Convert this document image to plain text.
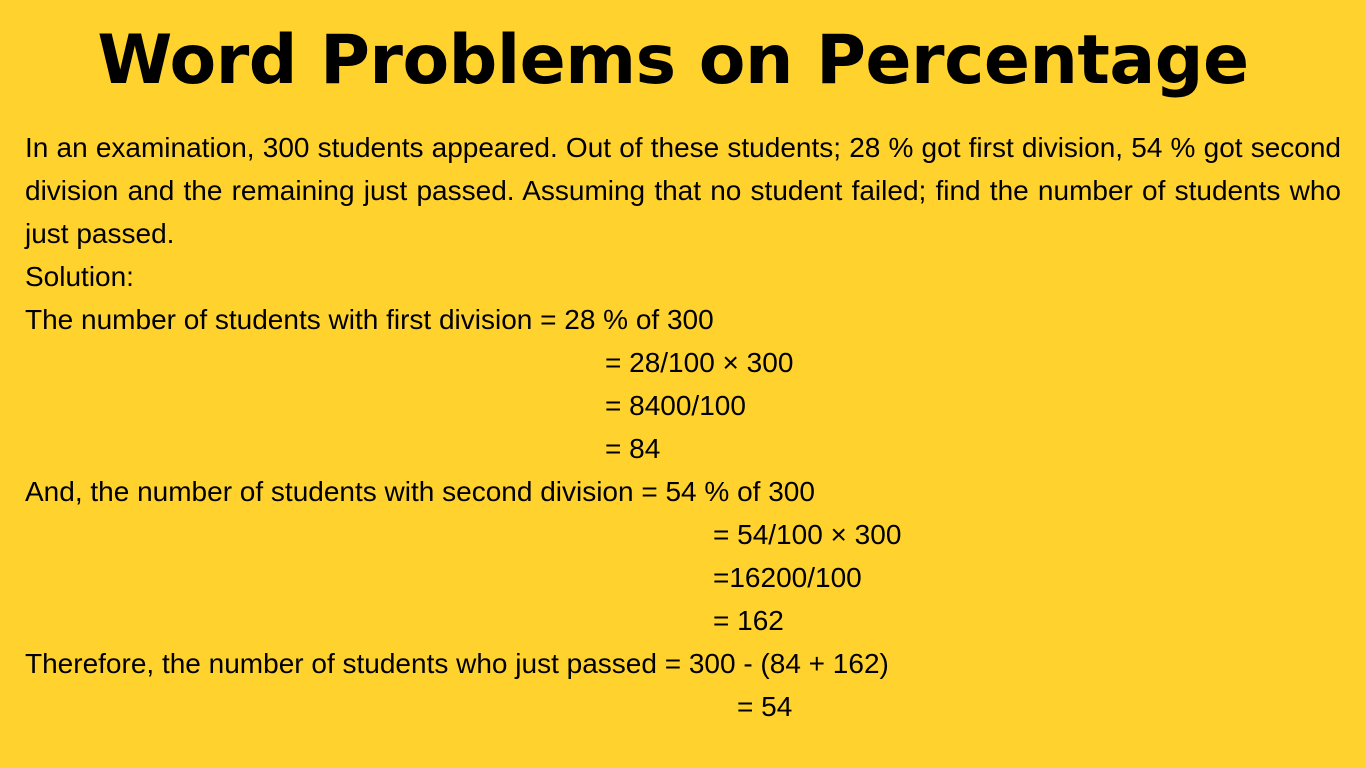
Word Problems on Percentage

In an examination, 300 students appeared. Out of these students; 28 % got first division, 54 % got second division and the remaining just passed. Assuming that no student failed; find the number of students who just passed.

Solution:
The number of students with first division = 28 % of 300
= 28/100 × 300
= 8400/100
= 84
And, the number of students with second division = 54 % of 300
= 54/100 × 300
=16200/100
= 162
Therefore, the number of students who just passed = 300 - (84 + 162)
= 54
